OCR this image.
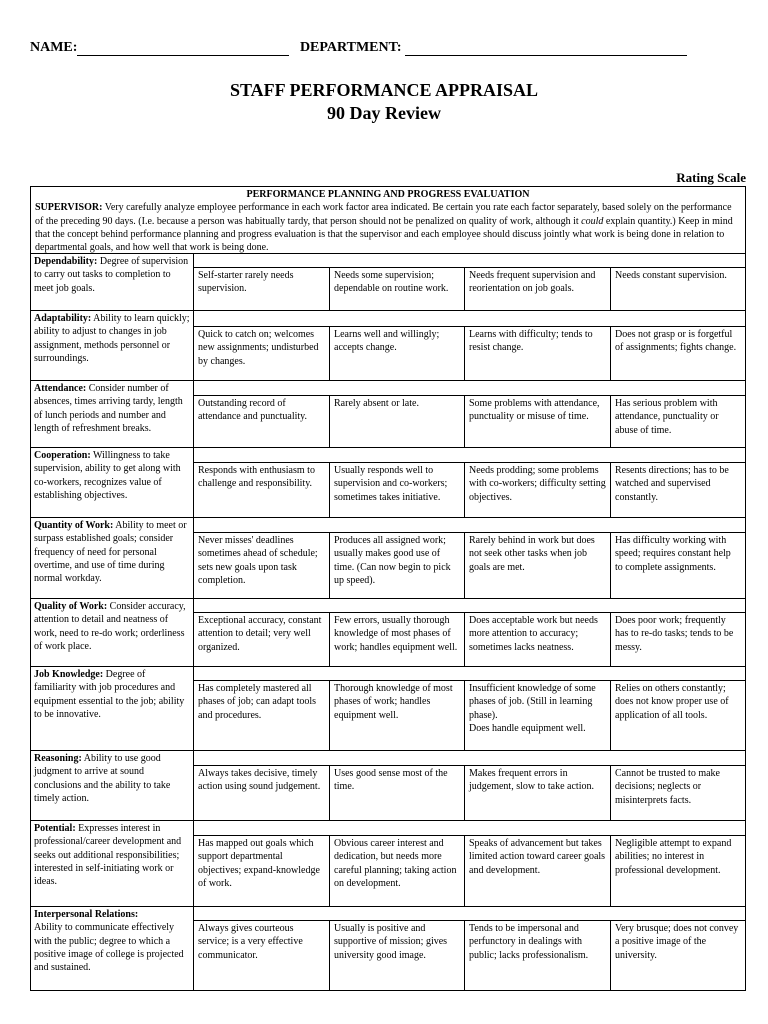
NAME:	DEPARTMENT:
STAFF PERFORMANCE APPRAISAL
90 Day Review
Rating Scale
PERFORMANCE PLANNING AND PROGRESS EVALUATION
SUPERVISOR: Very carefully analyze employee performance in each work factor area indicated. Be certain you rate each factor separately, based solely on the performance of the preceding 90 days. (I.e. because a person was habitually tardy, that person should not be penalized on quality of work, although it could explain quantity.) Keep in mind that the concept behind performance planning and progress evaluation is that the supervisor and each employee should discuss jointly what work is being done in relation to departmental goals, and how well that work is being done.
Dependability: Degree of supervision to carry out tasks to completion to meet job goals.
Self-starter rarely needs supervision.
Needs some supervision; dependable on routine work.
Needs frequent supervision and reorientation on job goals.
Needs constant supervision.
Adaptability: Ability to learn quickly; ability to adjust to changes in job assignment, methods personnel or surroundings.
Quick to catch on; welcomes new assignments; undisturbed by changes.
Learns well and willingly; accepts change.
Learns with difficulty; tends to resist change.
Does not grasp or is forgetful of assignments; fights change.
Attendance: Consider number of absences, times arriving tardy, length of lunch periods and number and length of refreshment breaks.
Outstanding record of attendance and punctuality.
Rarely absent or late.	Some problems with attendance, punctuality or misuse of time.
Has serious problem with attendance, punctuality or abuse of time.
Cooperation: Willingness to take supervision, ability to get along with co-workers, recognizes value of establishing objectives.
Responds with enthusiasm to challenge and responsibility.
Usually responds well to supervision and co-workers; sometimes takes initiative.
Needs prodding; some problems with co-workers; difficulty setting objectives.
Resents directions; has to be watched and supervised constantly.
Quantity of Work: Ability to meet or surpass established goals; consider frequency of need for personal overtime, and use of time during normal workday.
Never misses' deadlines sometimes ahead of schedule; sets new goals upon task completion.
Produces all assigned work; usually makes good use of time. (Can now begin to pick up speed).
Rarely behind in work but does not seek other tasks when job goals are met.
Has difficulty working with speed; requires constant help to complete assignments.
Quality of Work: Consider accuracy, attention to detail and neatness of work, need to re-do work; orderliness of work place.
Exceptional accuracy, constant attention to detail; very well organized.
Few errors, usually thorough knowledge of most phases of work; handles equipment well.
Does acceptable work but needs more attention to accuracy; sometimes lacks neatness.
Does poor work; frequently has to re-do tasks; tends to be messy.
Job Knowledge: Degree of familiarity with job procedures and equipment essential to the job; ability to be innovative.
Has completely mastered all phases of job; can adapt tools and procedures.
Thorough knowledge of most phases of work; handles equipment well.
Insufficient knowledge of some phases of job. (Still in learning phase).
Does handle equipment well.
Relies on others constantly; does not know proper use of application of all tools.
Reasoning: Ability to use good judgment to arrive at sound conclusions and the ability to take timely action.
Always takes decisive, timely action using sound judgement.
Uses good sense most of the time.
Makes frequent errors in judgement, slow to take action.
Cannot be trusted to make decisions; neglects or misinterprets facts.
Potential: Expresses interest in professional/career development and seeks out additional responsibilities; interested in self-initiating work or ideas.
Has mapped out goals which support departmental objectives; expand-knowledge of work.
Obvious career interest and dedication, but needs more careful planning; taking action on development.
Speaks of advancement but takes limited action toward career goals and development.
Negligible attempt to expand abilities; no interest in professional development.
Interpersonal Relations:
Ability to communicate effectively with the public; degree to which a positive image of college is projected and sustained.
Always gives courteous service; is a very effective communicator.
Usually is positive and supportive of mission; gives university good image.
Tends to be impersonal and perfunctory in dealings with public; lacks professionalism.
Very brusque; does not convey a positive image of the university.
